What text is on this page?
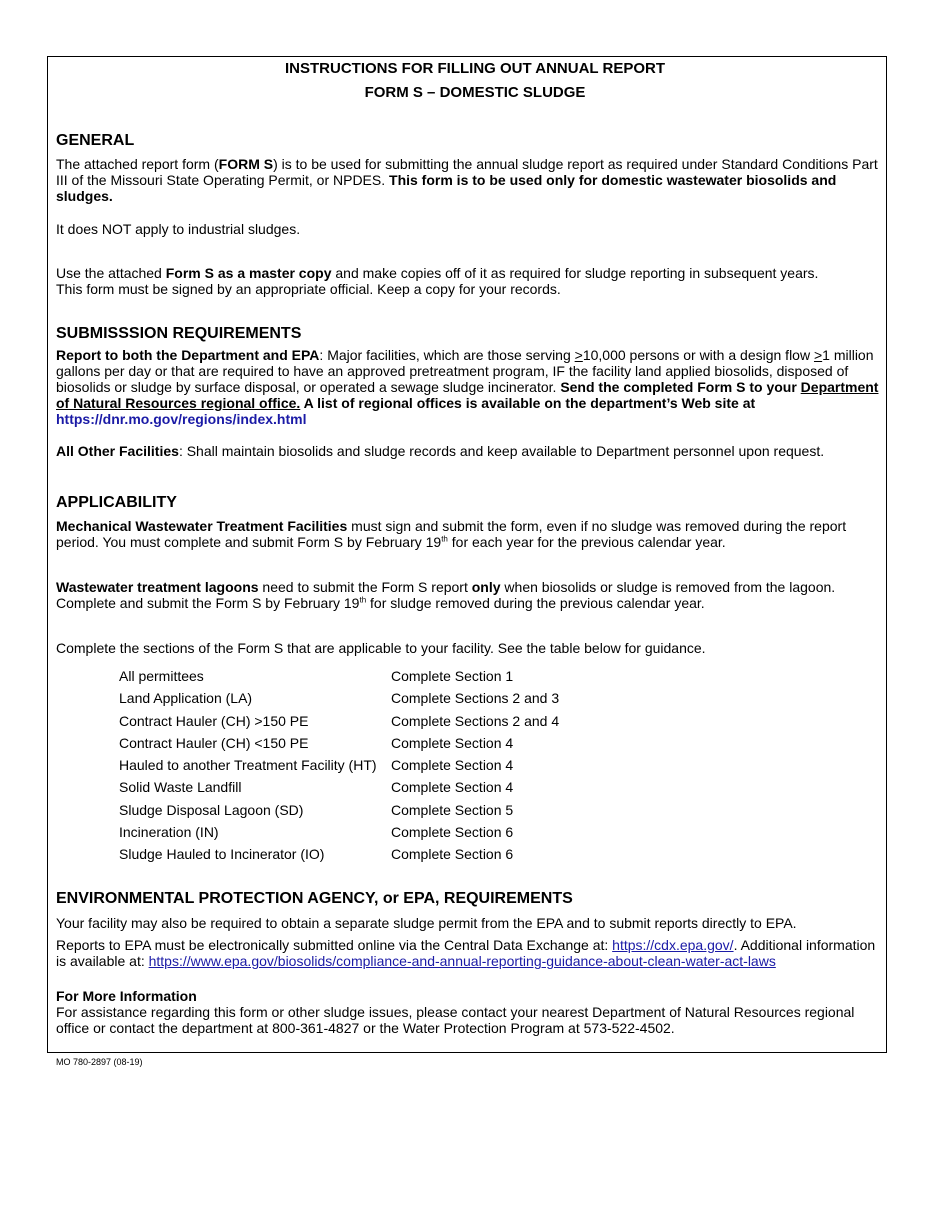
INSTRUCTIONS FOR FILLING OUT ANNUAL REPORT
FORM S – DOMESTIC SLUDGE
GENERAL
The attached report form (FORM S) is to be used for submitting the annual sludge report as required under Standard Conditions Part III of the Missouri State Operating Permit, or NPDES. This form is to be used only for domestic wastewater biosolids and sludges.
It does NOT apply to industrial sludges.
Use the attached Form S as a master copy and make copies off of it as required for sludge reporting in subsequent years.
This form must be signed by an appropriate official. Keep a copy for your records.
SUBMISSSION REQUIREMENTS
Report to both the Department and EPA: Major facilities, which are those serving ≥10,000 persons or with a design flow ≥1 million gallons per day or that are required to have an approved pretreatment program, IF the facility land applied biosolids, disposed of biosolids or sludge by surface disposal, or operated a sewage sludge incinerator. Send the completed Form S to your Department of Natural Resources regional office. A list of regional offices is available on the department’s Web site at https://dnr.mo.gov/regions/index.html
All Other Facilities: Shall maintain biosolids and sludge records and keep available to Department personnel upon request.
APPLICABILITY
Mechanical Wastewater Treatment Facilities must sign and submit the form, even if no sludge was removed during the report period. You must complete and submit Form S by February 19th for each year for the previous calendar year.
Wastewater treatment lagoons need to submit the Form S report only when biosolids or sludge is removed from the lagoon. Complete and submit the Form S by February 19th for sludge removed during the previous calendar year.
Complete the sections of the Form S that are applicable to your facility. See the table below for guidance.
All permittees	Complete Section 1
Land Application (LA)	Complete Sections 2 and 3
Contract Hauler (CH) >150 PE	Complete Sections 2 and 4
Contract Hauler (CH) <150 PE	Complete Section 4
Hauled to another Treatment Facility (HT) Complete Section 4
Solid Waste Landfill	Complete Section 4
Sludge Disposal Lagoon (SD)	Complete Section 5
Incineration (IN)	Complete Section 6
Sludge Hauled to Incinerator (IO)	Complete Section 6
ENVIRONMENTAL PROTECTION AGENCY, or EPA, REQUIREMENTS
Your facility may also be required to obtain a separate sludge permit from the EPA and to submit reports directly to EPA.
Reports to EPA must be electronically submitted online via the Central Data Exchange at: https://cdx.epa.gov/. Additional information is available at: https://www.epa.gov/biosolids/compliance-and-annual-reporting-guidance-about-clean-water-act-laws
For More Information
For assistance regarding this form or other sludge issues, please contact your nearest Department of Natural Resources regional office or contact the department at 800-361-4827 or the Water Protection Program at 573-522-4502.
MO 780-2897 (08-19)
